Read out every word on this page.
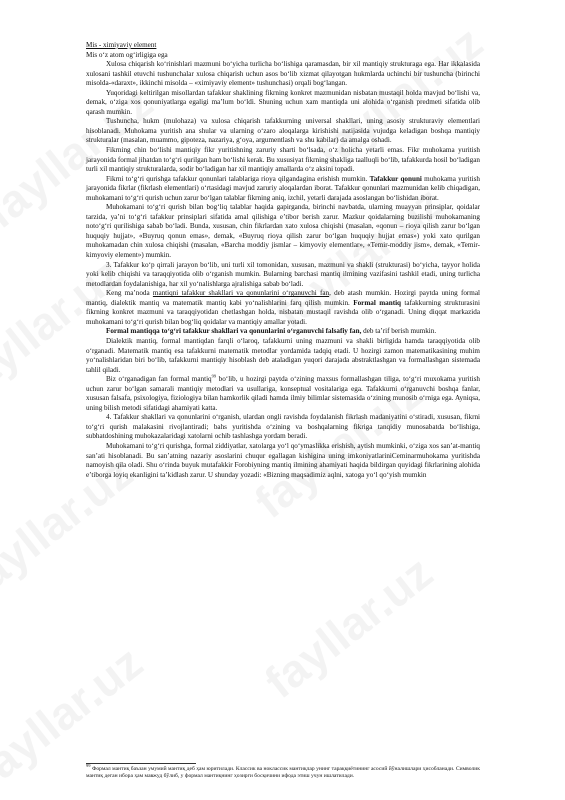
Mis - ximiyaviy element

Mis o‘z atom og‘irligiga ega

Xulosa chiqarish ko‘rinishlari mazmuni bo‘yicha turlicha bo‘lishiga qaramasdan, bir xil mantiqiy strukturaga ega. Har ikkalasida xulosani tashkil etuvchi tushunchalar xulosa chiqarish uchun asos bo‘lib xizmat qilayotgan hukmlarda uchinchi bir tushuncha (birinchi misolda-«daraxt», ikkinchi misolda – «ximiyaviy element» tushunchasi) orqali bog‘langan.

Yuqoridagi keltirilgan misollardan tafakkur shaklining fikrning konkret mazmunidan nisbatan mustaqil holda mavjud bo‘lishi va, demak, o‘ziga xos qonuniyatlarga egaligi ma’lum bo‘ldi. Shuning uchun xam mantiqda uni alohida o‘rganish predmeti sifatida olib qarash mumkin.

Tushuncha, hukm (mulohaza) va xulosa chiqarish tafakkurning universal shakllari, uning asosiy strukturaviy elementlari hisoblanadi. Muhokama yuritish ana shular va ularning o‘zaro aloqalarga kirishishi natijasida vujudga keladigan boshqa mantiqiy strukturalar (masalan, muammo, gipoteza, nazariya, g‘oya, argumentlash va shu kabilar) da amalga oshadi.

Fikrning chin bo‘lishi mantiqiy fikr yuritishning zaruriy sharti bo‘lsada, o‘z holicha yetarli emas. Fikr muhokama yuritish jarayonida formal jihatdan to‘g‘ri qurilgan ham bo‘lishi kerak. Bu xususiyat fikrning shakliga taalluqli bo‘lib, tafakkurda hosil bo‘ladigan turli xil mantiqiy strukturalarda, sodir bo‘ladigan har xil mantiqiy amallarda o‘z aksini topadi.

Fikrni to‘g‘ri qurishga tafakkur qonunlari talablariga rioya qilgandagina erishish mumkin. Tafakkur qonuni muhokama yuritish jarayonida fikrlar (fikrlash elementlari) o‘rtasidagi mavjud zaruriy aloqalardan iborat. Tafakkur qonunlari mazmunidan kelib chiqadigan, muhokamani to‘g‘ri qurish uchun zarur bo‘lgan talablar fikrning aniq, izchil, yetarli darajada asoslangan bo‘lishidan iborat.

Muhokamani to‘g‘ri qurish bilan bog‘liq talablar haqida gapirganda, birinchi navbatda, ularning muayyan prinsiplar, qoidalar tarzida, ya’ni to‘g‘ri tafakkur prinsiplari sifatida amal qilishiga e’tibor berish zarur. Mazkur qoidalarning buzilishi muhokamaning noto‘g‘ri qurilishiga sabab bo‘ladi. Bunda, xususan, chin fikrlardan xato xulosa chiqishi (masalan, «qonun – rioya qilish zarur bo‘lgan huquqiy hujjat», «Buyruq qonun emas», demak, «Buyruq rioya qilish zarur bo‘lgan huquqiy hujjat emas») yoki xato qurilgan muhokamadan chin xulosa chiqishi (masalan, «Barcha moddiy jismlar – kimyoviy elementlar», «Temir-moddiy jism», demak, «Temir-kimyoviy element») mumkin.

3. Tafakkur ko‘p qirrali jarayon bo‘lib, uni turli xil tomonidan, xususan, mazmuni va shakli (strukturasi) bo‘yicha, tayyor holida yoki kelib chiqishi va taraqqiyotida olib o‘rganish mumkin. Bularning barchasi mantiq ilmining vazifasini tashkil etadi, uning turlicha metodlardan foydalanishiga, har xil yo‘nalishlarga ajralishiga sabab bo‘ladi.

Keng ma’noda mantiqni tafakkur shakllari va qonunlarini o‘rganuvchi fan, deb atash mumkin. Hozirgi paytda uning formal mantiq, dialektik mantiq va matematik mantiq kabi yo‘nalishlarini farq qilish mumkin. Formal mantiq tafakkurning strukturasini fikrning konkret mazmuni va taraqqiyotidan chetlashgan holda, nisbatan mustaqil ravishda olib o‘rganadi. Uning diqqat markazida muhokamani to‘g‘ri qurish bilan bog‘liq qoidalar va mantiqiy amallar yotadi.

Formal mantiqqa to‘g‘ri tafakkur shakllari va qonunlarini o‘rganuvchi falsafiy fan, deb ta’rif berish mumkin.

Dialektik mantiq, formal mantiqdan farqli o‘laroq, tafakkurni uning mazmuni va shakli birligida hamda taraqqiyotida olib o‘rganadi. Matematik mantiq esa tafakkurni matematik metodlar yordamida tadqiq etadi. U hozirgi zamon matematikasining muhim yo‘nalishlaridan biri bo‘lib, tafakkurni mantiqiy hisoblash deb ataladigan yuqori darajada abstraktlashgan va formallashgan sistemada tahlil qiladi.

Biz o‘rganadigan fan formal mantiq$^{99}$ bo‘lib, u hozirgi paytda o‘zining maxsus formallashgan tiliga, to‘g‘ri muxokama yuritish uchun zarur bo‘lgan samarali mantiqiy metodlari va usullariga, konseptual vositalariga ega. Tafakkurni o‘rganuvchi boshqa fanlar, xususan falsafa, psixologiya, fiziologiya bilan hamkorlik qiladi hamda ilmiy bilimlar sistemasida o‘zining munosib o‘rniga ega. Ayniqsa, uning bilish metodi sifatidagi ahamiyati katta.

4. Tafakkur shakllari va qonunlarini o‘rganish, ulardan ongli ravishda foydalanish fikrlash madaniyatini o‘stiradi, xususan, fikrni to‘g‘ri qurish malakasini rivojlantiradi; bahs yuritishda o‘zining va boshqalarning fikriga tanqidiy munosabatda bo‘lishiga, subhatdoshining muhokazalaridagi xatolarni ochib tashlashga yordam beradi.

Muhokamani to‘g‘ri qurishga, formal ziddiyatlar, xatolarga yo‘l qo‘ymaslikka erishish, aytish mumkinki, o‘ziga xos san’at-mantiq san’ati hisoblanadi. Bu san’atning nazariy asoslarini chuqur egallagan kishigina uning imkoniyatlariniCeminarmuhokama yuritishda namoyish qila oladi. Shu o‘rinda buyuk mutafakkir Forobiyning mantiq ilmining ahamiyati haqida bildirgan quyidagi fikrlarining alohida e’tiborga loyiq ekanligini ta’kidlash zarur. U shunday yozadi: «Bizning maqsadimiz aqlni, xatoga yo‘l qo‘yish mumkin

$^{99}$ Формал мантиқ баъзан умумий мантиқ деб ҳам юритилади. Классик ва ноклассик мантиқлар унинг тараққиётининг асосий йўналишлари ҳисобланади. Символик мантиқ деган ибора ҳам мавжуд бўлиб, у формал мантиқнинг ҳозирги босқичини ифода этиш учун ишлатилади.
